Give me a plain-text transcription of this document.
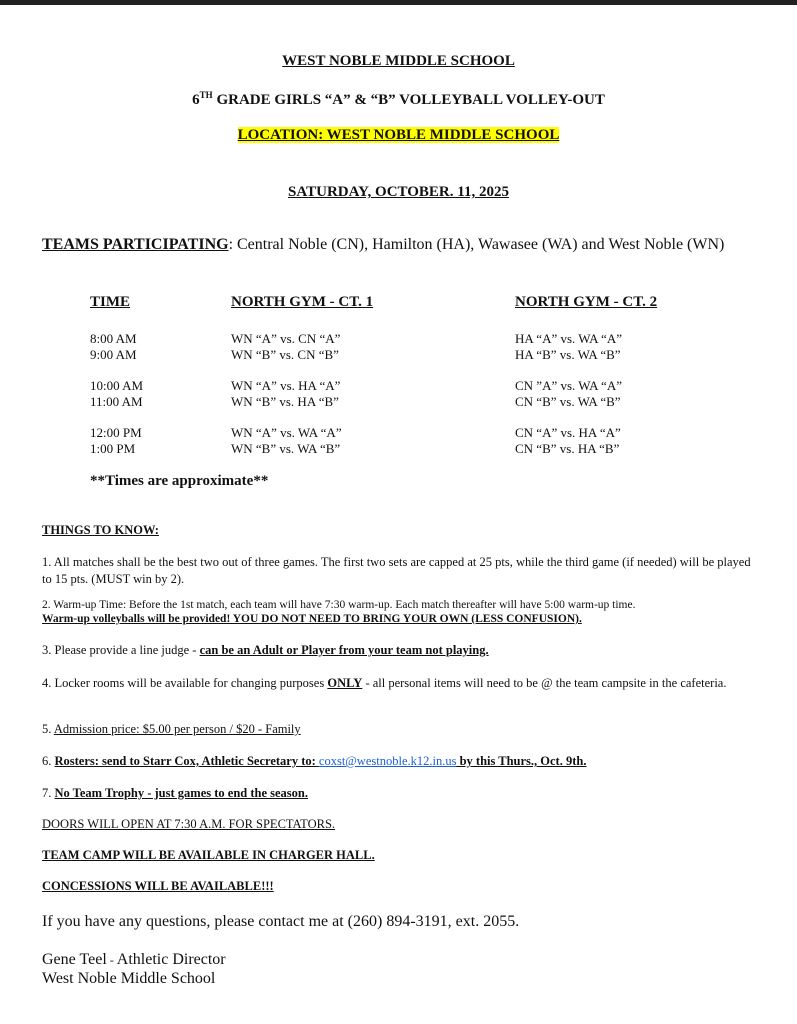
WEST NOBLE MIDDLE SCHOOL
6TH GRADE GIRLS “A” & “B” VOLLEYBALL VOLLEY-OUT
LOCATION: WEST NOBLE MIDDLE SCHOOL
SATURDAY, OCTOBER. 11, 2025
TEAMS PARTICIPATING: Central Noble (CN), Hamilton (HA), Wawasee (WA) and West Noble (WN)
TIME	NORTH GYM - CT. 1	NORTH GYM - CT. 2
8:00 AM	WN “A” vs. CN “A”	HA “A” vs. WA “A”
9:00 AM	WN “B” vs. CN “B”	HA “B” vs. WA “B”
10:00 AM	WN “A” vs. HA “A”	CN ”A” vs. WA “A”
11:00 AM	WN “B” vs. HA “B”	CN “B” vs. WA “B”
12:00 PM	WN “A” vs. WA “A”	CN “A” vs. HA “A”
1:00 PM	WN “B” vs. WA “B”	CN “B” vs. HA “B”
**Times are approximate**
THINGS TO KNOW:
1. All matches shall be the best two out of three games. The first two sets are capped at 25 pts, while the third game (if needed) will be played to 15 pts. (MUST win by 2).
2. Warm-up Time: Before the 1st match, each team will have 7:30 warm-up. Each match thereafter will have 5:00 warm-up time.
Warm-up volleyballs will be provided! YOU DO NOT NEED TO BRING YOUR OWN (LESS CONFUSION).
3. Please provide a line judge - can be an Adult or Player from your team not playing.
4. Locker rooms will be available for changing purposes ONLY - all personal items will need to be @ the team campsite in the cafeteria.
5. Admission price: $5.00 per person / $20 - Family
6. Rosters: send to Starr Cox, Athletic Secretary to: coxst@westnoble.k12.in.us by this Thurs., Oct. 9th.
7. No Team Trophy - just games to end the season.
DOORS WILL OPEN AT 7:30 A.M. FOR SPECTATORS.
TEAM CAMP WILL BE AVAILABLE IN CHARGER HALL.
CONCESSIONS WILL BE AVAILABLE!!!
If you have any questions, please contact me at (260) 894-3191, ext. 2055.
Gene Teel - Athletic Director
West Noble Middle School
